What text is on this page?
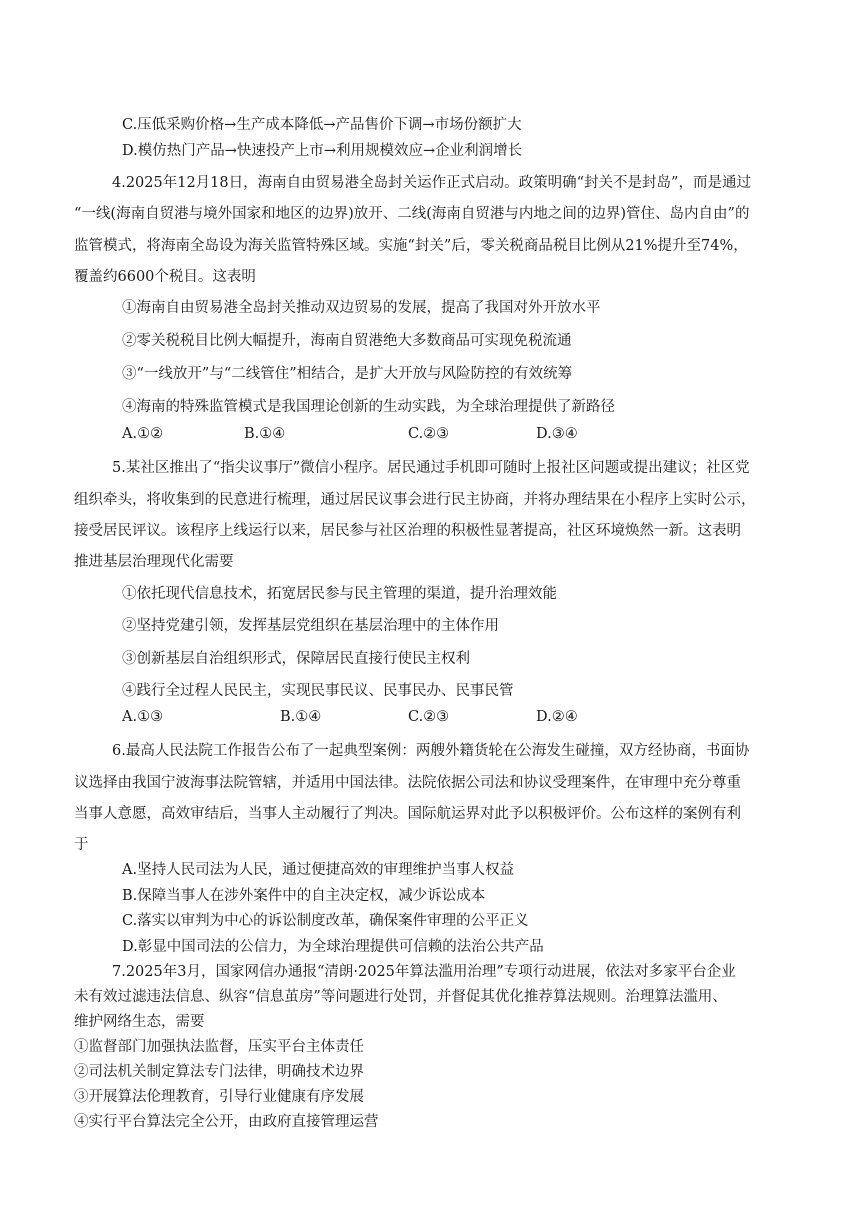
C.压低采购价格→生产成本降低→产品售价下调→市场份额扩大
D.模仿热门产品→快速投产上市→利用规模效应→企业利润增长
4.2025年12月18日，海南自由贸易港全岛封关运作正式启动。政策明确“封关不是封岛”，而是通过
“一线(海南自贸港与境外国家和地区的边界)放开、二线(海南自贸港与内地之间的边界)管住、岛内自由”的
监管模式，将海南全岛设为海关监管特殊区域。实施“封关”后，零关税商品税目比例从21%提升至74%，
覆盖约6600个税目。这表明
①海南自由贸易港全岛封关推动双边贸易的发展，提高了我国对外开放水平
②零关税税目比例大幅提升，海南自贸港绝大多数商品可实现免税流通
③“一线放开”与“二线管住”相结合，是扩大开放与风险防控的有效统筹
④海南的特殊监管模式是我国理论创新的生动实践，为全球治理提供了新路径
A.①②	B.①④	C.②③	D.③④
5.某社区推出了“指尖议事厅”微信小程序。居民通过手机即可随时上报社区问题或提出建议；社区党
组织牵头，将收集到的民意进行梳理，通过居民议事会进行民主协商，并将办理结果在小程序上实时公示，
接受居民评议。该程序上线运行以来，居民参与社区治理的积极性显著提高，社区环境焕然一新。这表明
推进基层治理现代化需要
①依托现代信息技术，拓宽居民参与民主管理的渠道，提升治理效能
②坚持党建引领，发挥基层党组织在基层治理中的主体作用
③创新基层自治组织形式，保障居民直接行使民主权利
④践行全过程人民民主，实现民事民议、民事民办、民事民管
A.①③	B.①④	C.②③	D.②④
6.最高人民法院工作报告公布了一起典型案例：两艘外籍货轮在公海发生碰撞，双方经协商，书面协
议选择由我国宁波海事法院管辖，并适用中国法律。法院依据公司法和协议受理案件，在审理中充分尊重
当事人意愿，高效审结后，当事人主动履行了判决。国际航运界对此予以积极评价。公布这样的案例有利
于
A.坚持人民司法为人民，通过便捷高效的审理维护当事人权益
B.保障当事人在涉外案件中的自主决定权，减少诉讼成本
C.落实以审判为中心的诉讼制度改革，确保案件审理的公平正义
D.彰显中国司法的公信力，为全球治理提供可信赖的法治公共产品
7.2025年3月，国家网信办通报“清朗·2025年算法滥用治理”专项行动进展，依法对多家平台企业
未有效过滤违法信息、纵容“信息茧房”等问题进行处罚，并督促其优化推荐算法规则。治理算法滥用、
维护网络生态，需要
①监督部门加强执法监督，压实平台主体责任
②司法机关制定算法专门法律，明确技术边界
③开展算法伦理教育，引导行业健康有序发展
④实行平台算法完全公开，由政府直接管理运营
